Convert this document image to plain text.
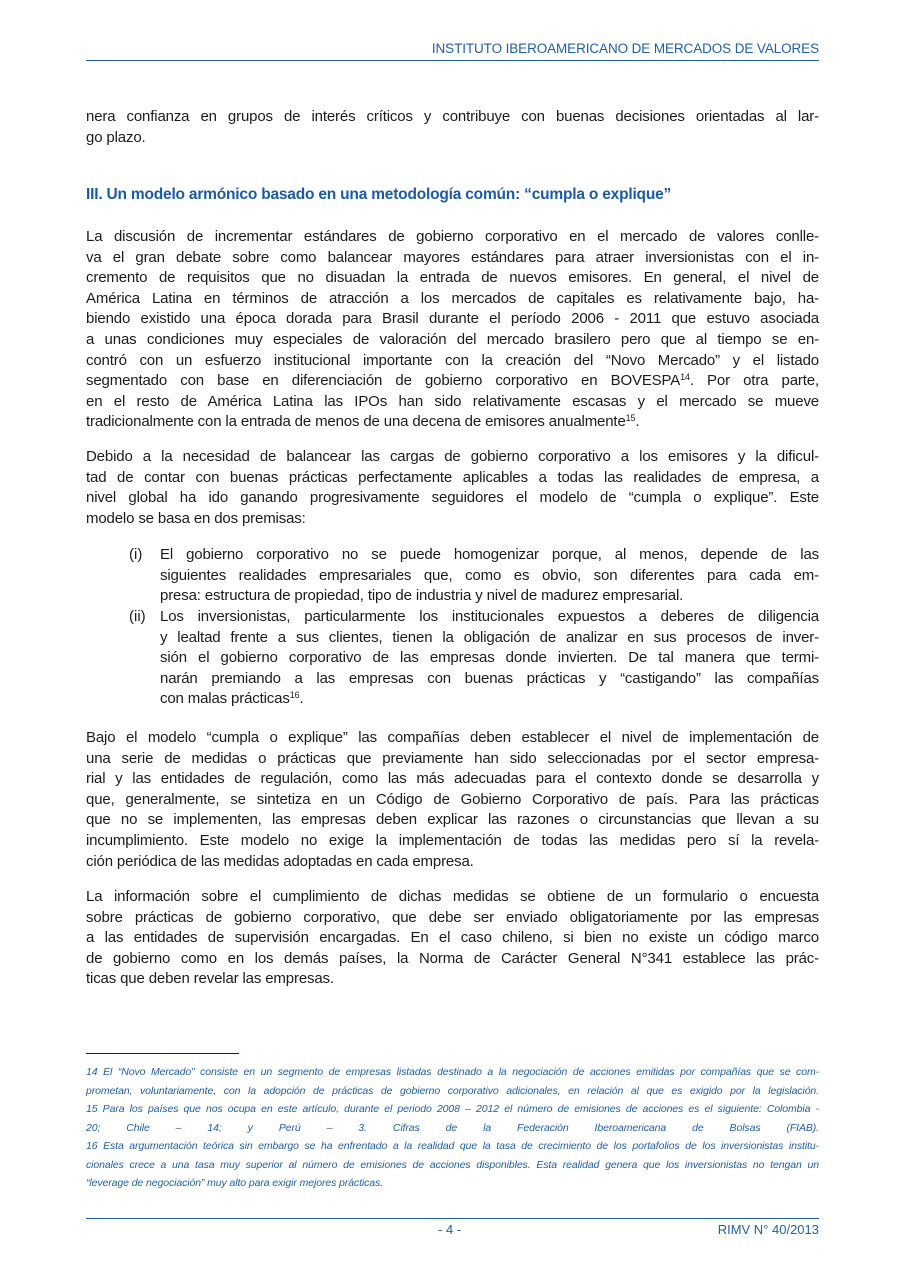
INSTITUTO IBEROAMERICANO DE MERCADOS DE VALORES
nera confianza en grupos de interés críticos y contribuye con buenas decisiones orientadas al lar-
go plazo.
III. Un modelo armónico basado en una metodología común: “cumpla o explique”
La discusión de incrementar estándares de gobierno corporativo en el mercado de valores conlle-
va el gran debate sobre como balancear mayores estándares para atraer inversionistas con el in-
cremento de requisitos que no disuadan la entrada de nuevos emisores. En general, el nivel de
América Latina en términos de atracción a los mercados de capitales es relativamente bajo, ha-
biendo existido una época dorada para Brasil durante el período 2006 - 2011 que estuvo asociada
a unas condiciones muy especiales de valoración del mercado brasilero pero que al tiempo se en-
contró con un esfuerzo institucional importante con la creación del “Novo Mercado” y el listado
segmentado con base en diferenciación de gobierno corporativo en BOVESPA$^{14}$. Por otra parte,
en el resto de América Latina las IPOs han sido relativamente escasas y el mercado se mueve
tradicionalmente con la entrada de menos de una decena de emisores anualmente$^{15}$.
Debido a la necesidad de balancear las cargas de gobierno corporativo a los emisores y la dificul-
tad de contar con buenas prácticas perfectamente aplicables a todas las realidades de empresa, a
nivel global ha ido ganando progresivamente seguidores el modelo de “cumpla o explique”. Este
modelo se basa en dos premisas:
(i) El gobierno corporativo no se puede homogenizar porque, al menos, depende de las
siguientes realidades empresariales que, como es obvio, son diferentes para cada em-
presa: estructura de propiedad, tipo de industria y nivel de madurez empresarial.
(ii) Los inversionistas, particularmente los institucionales expuestos a deberes de diligencia
y lealtad frente a sus clientes, tienen la obligación de analizar en sus procesos de inver-
sión el gobierno corporativo de las empresas donde invierten. De tal manera que termi-
narán premiando a las empresas con buenas prácticas y “castigando” las compañías
con malas prácticas$^{16}$.
Bajo el modelo “cumpla o explique” las compañías deben establecer el nivel de implementación de
una serie de medidas o prácticas que previamente han sido seleccionadas por el sector empresa-
rial y las entidades de regulación, como las más adecuadas para el contexto donde se desarrolla y
que, generalmente, se sintetiza en un Código de Gobierno Corporativo de país. Para las prácticas
que no se implementen, las empresas deben explicar las razones o circunstancias que llevan a su
incumplimiento. Este modelo no exige la implementación de todas las medidas pero sí la revela-
ción periódica de las medidas adoptadas en cada empresa.
La información sobre el cumplimiento de dichas medidas se obtiene de un formulario o encuesta
sobre prácticas de gobierno corporativo, que debe ser enviado obligatoriamente por las empresas
a las entidades de supervisión encargadas. En el caso chileno, si bien no existe un código marco
de gobierno como en los demás países, la Norma de Carácter General N°341 establece las prác-
ticas que deben revelar las empresas.
14 El “Novo Mercado” consiste en un segmento de empresas listadas destinado a la negociación de acciones emitidas por compañías que se com-
prometan, voluntariamente, con la adopción de prácticas de gobierno corporativo adicionales, en relación al que es exigido por la legislación.
15 Para los países que nos ocupa en este artículo, durante el periodo 2008 – 2012 el número de emisiones de acciones es el siguiente: Colombia -
20; Chile – 14; y Perú – 3. Cifras de la Federación Iberoamericana de Bolsas (FIAB).
16 Esta argumentación teórica sin embargo se ha enfrentado a la realidad que la tasa de crecimiento de los portafolios de los inversionistas institu-
cionales crece a una tasa muy superior al número de emisiones de acciones disponibles. Esta realidad genera que los inversionistas no tengan un
“leverage de negociación” muy alto para exigir mejores prácticas.
- 4 -	RIMV N° 40/2013
